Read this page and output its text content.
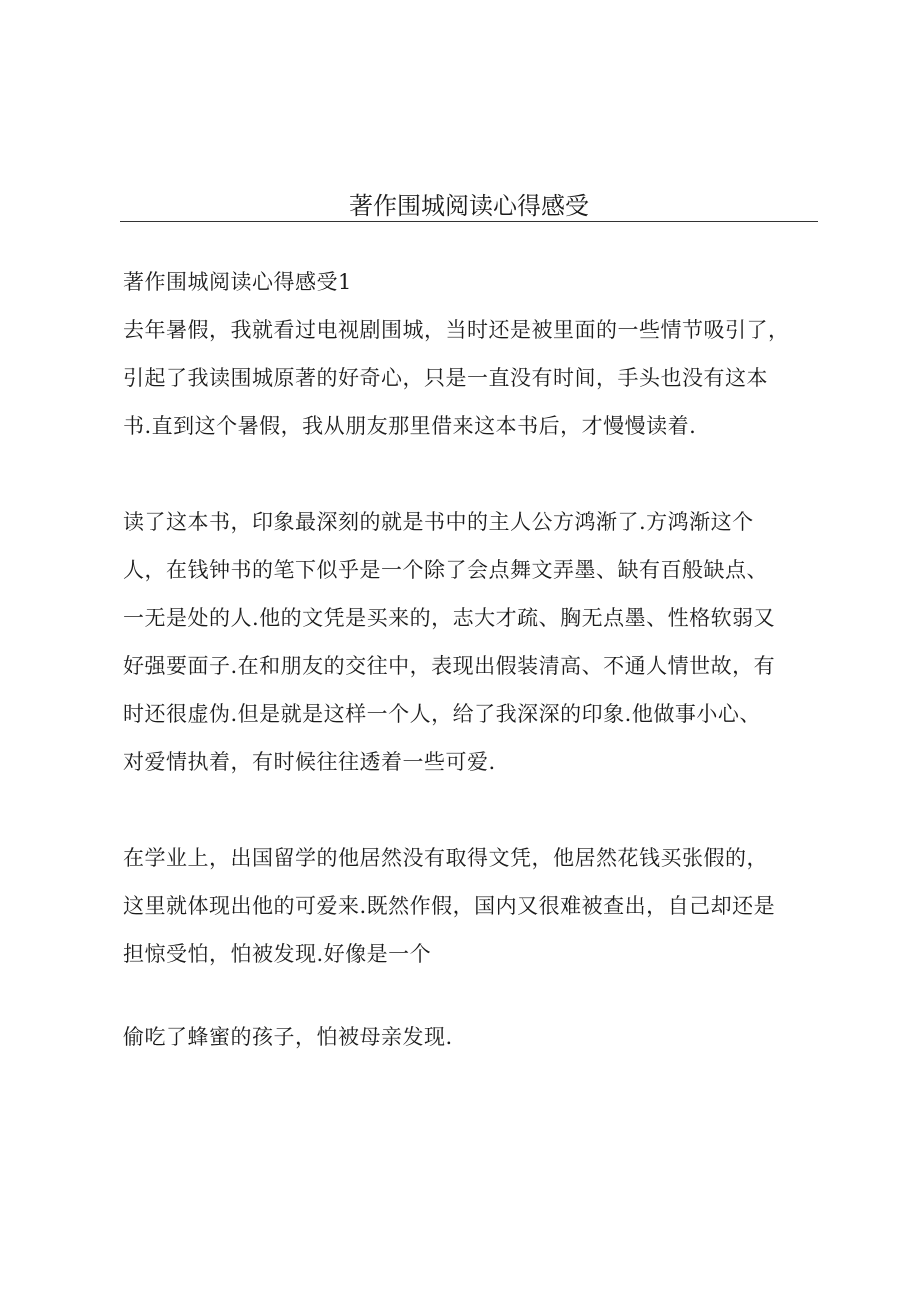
著作围城阅读心得感受
著作围城阅读心得感受1
去年暑假，我就看过电视剧围城，当时还是被里面的一些情节吸引了，
引起了我读围城原著的好奇心，只是一直没有时间，手头也没有这本
书.直到这个暑假，我从朋友那里借来这本书后，才慢慢读着.
读了这本书，印象最深刻的就是书中的主人公方鸿渐了.方鸿渐这个
人，在钱钟书的笔下似乎是一个除了会点舞文弄墨、缺有百般缺点、
一无是处的人.他的文凭是买来的，志大才疏、胸无点墨、性格软弱又
好强要面子.在和朋友的交往中，表现出假装清高、不通人情世故，有
时还很虚伪.但是就是这样一个人，给了我深深的印象.他做事小心、
对爱情执着，有时候往往透着一些可爱.
在学业上，出国留学的他居然没有取得文凭，他居然花钱买张假的，
这里就体现出他的可爱来.既然作假，国内又很难被查出，自己却还是
担惊受怕，怕被发现.好像是一个
偷吃了蜂蜜的孩子，怕被母亲发现.
